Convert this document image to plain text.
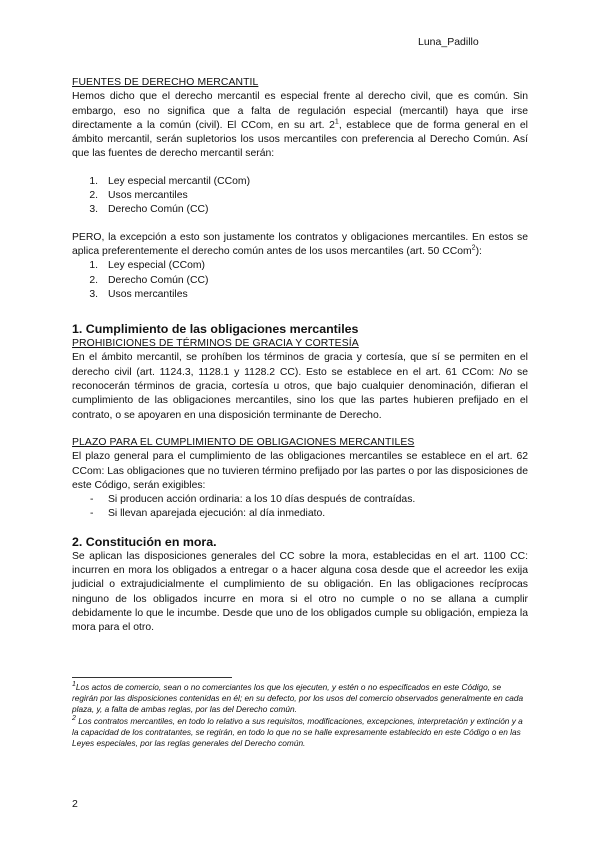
Luna_Padillo
FUENTES DE DERECHO MERCANTIL

Hemos dicho que el derecho mercantil es especial frente al derecho civil, que es común. Sin embargo, eso no significa que a falta de regulación especial (mercantil) haya que irse directamente a la común (civil). El CCom, en su art. $2^1$, establece que de forma general en el ámbito mercantil, serán supletorios los usos mercantiles con preferencia al Derecho Común. Así que las fuentes de derecho mercantil serán:

1. Ley especial mercantil (CCom)
2. Usos mercantiles
3. Derecho Común (CC)

PERO, la excepción a esto son justamente los contratos y obligaciones mercantiles. En estos se aplica preferentemente el derecho común antes de los usos mercantiles (art. 50 CCom$^2$):

1. Ley especial (CCom)
2. Derecho Común (CC)
3. Usos mercantiles
1. Cumplimiento de las obligaciones mercantiles
PROHIBICIONES DE TÉRMINOS DE GRACIA Y CORTESÍA

En el ámbito mercantil, se prohíben los términos de gracia y cortesía, que sí se permiten en el derecho civil (art. 1124.3, 1128.1 y 1128.2 CC). Esto se establece en el art. 61 CCom: No se reconocerán términos de gracia, cortesía u otros, que bajo cualquier denominación, difieran el cumplimiento de las obligaciones mercantiles, sino los que las partes hubieren prefijado en el contrato, o se apoyaren en una disposición terminante de Derecho.

PLAZO PARA EL CUMPLIMIENTO DE OBLIGACIONES MERCANTILES

El plazo general para el cumplimiento de las obligaciones mercantiles se establece en el art. 62 CCom: Las obligaciones que no tuvieren término prefijado por las partes o por las disposiciones de este Código, serán exigibles:

-	Si producen acción ordinaria: a los 10 días después de contraídas.
-	Si llevan aparejada ejecución: al día inmediato.
2. Constitución en mora.

Se aplican las disposiciones generales del CC sobre la mora, establecidas en el art. 1100 CC: incurren en mora los obligados a entregar o a hacer alguna cosa desde que el acreedor les exija judicial o extrajudicialmente el cumplimiento de su obligación. En las obligaciones recíprocas ninguno de los obligados incurre en mora si el otro no cumple o no se allana a cumplir debidamente lo que le incumbe. Desde que uno de los obligados cumple su obligación, empieza la mora para el otro.

$^1$Los actos de comercio, sean o no comerciantes los que los ejecuten, y estén o no especificados en este Código, se regirán por las disposiciones contenidas en él; en su defecto, por los usos del comercio observados generalmente en cada plaza, y, a falta de ambas reglas, por las del Derecho común.

$^2$ Los contratos mercantiles, en todo lo relativo a sus requisitos, modificaciones, excepciones, interpretación y extinción y a la capacidad de los contratantes, se regirán, en todo lo que no se halle expresamente establecido en este Código o en las Leyes especiales, por las reglas generales del Derecho común.

2
